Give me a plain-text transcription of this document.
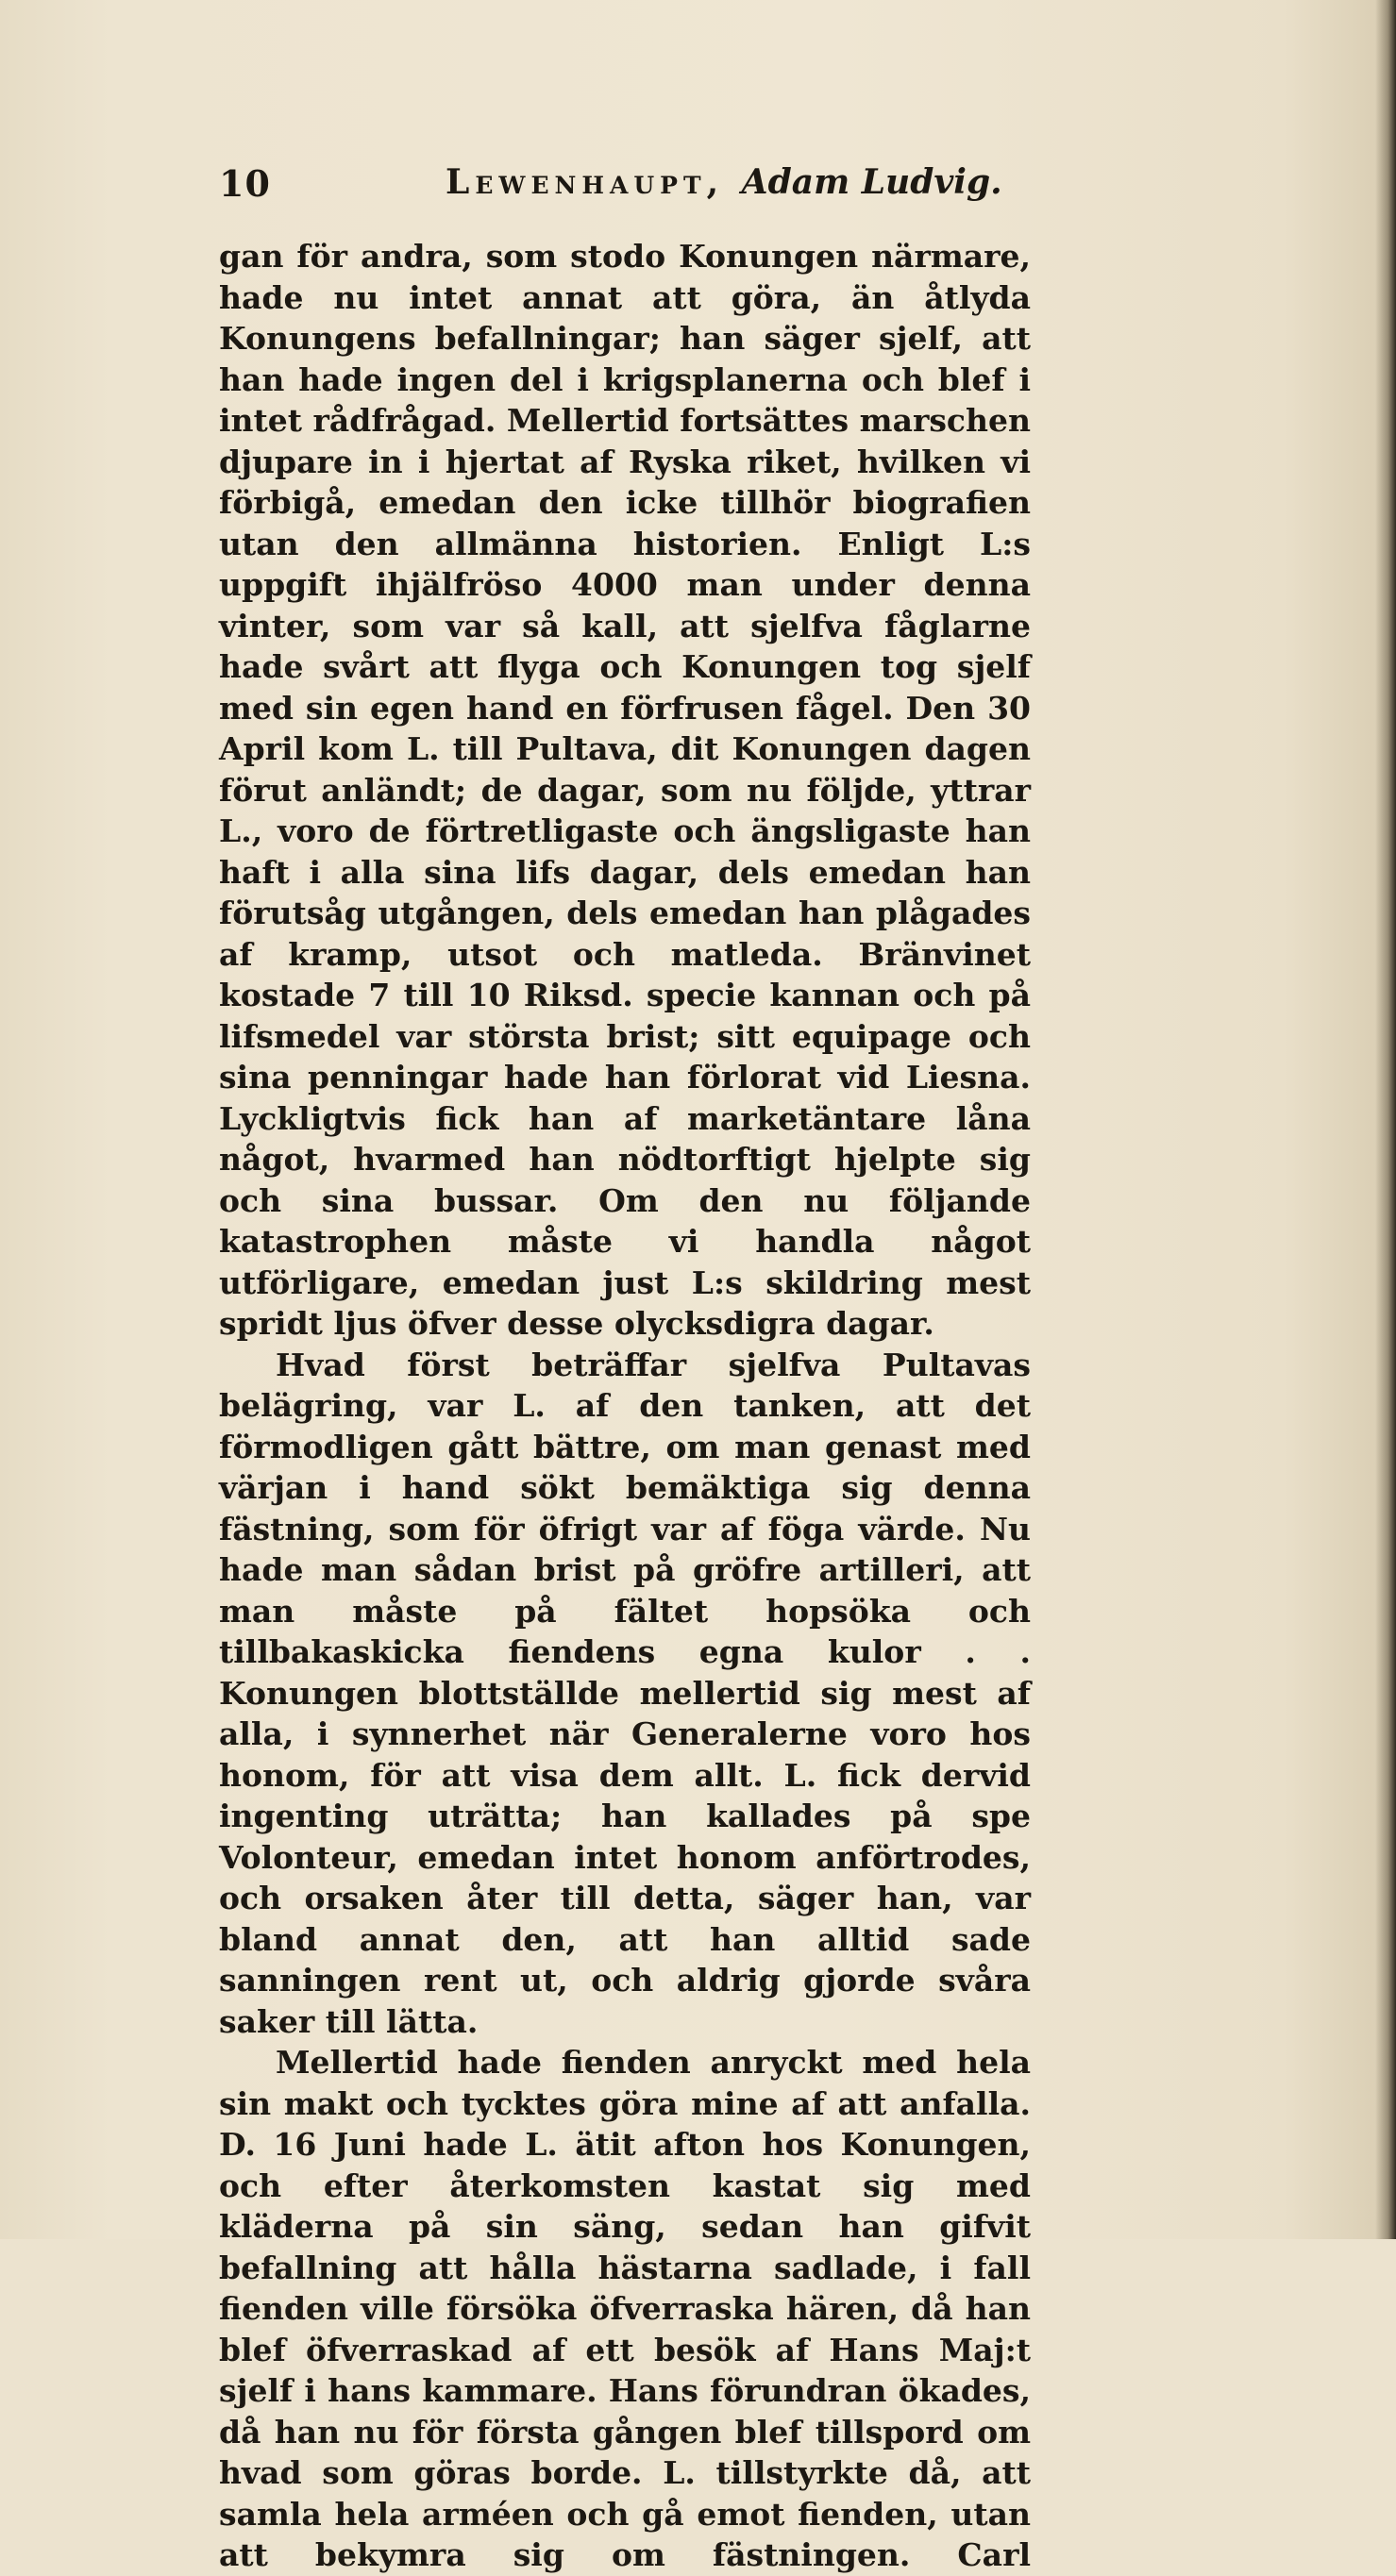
10	Lewenhaupt, Adam Ludvig.

gan för andra, som stodo Konungen närmare, hade nu intet annat att göra, än åtlyda Konungens befallningar; han säger sjelf, att han hade ingen del i krigsplanerna och blef i intet rådfrågad. Mellertid fortsättes marschen djupare in i hjertat af Ryska riket, hvilken vi förbigå, emedan den icke tillhör biografien utan den allmänna historien. Enligt L:s uppgift ihjälfröso 4000 man under denna vinter, som var så kall, att sjelfva fåglarne hade svårt att flyga och Konungen tog sjelf med sin egen hand en förfrusen fågel. Den 30 April kom L. till Pultava, dit Konungen dagen förut anländt; de dagar, som nu följde, yttrar L., voro de förtretligaste och ängsligaste han haft i alla sina lifs dagar, dels emedan han förutsåg utgången, dels emedan han plågades af kramp, utsot och matleda. Bränvinet kostade 7 till 10 Riksd. specie kannan och på lifsmedel var största brist; sitt equipage och sina penningar hade han förlorat vid Liesna. Lyckligtvis fick han af marketäntare låna något, hvarmed han nödtorftigt hjelpte sig och sina bussar. Om den nu följande katastrophen måste vi handla något utförligare, emedan just L:s skildring mest spridt ljus öfver desse olycksdigra dagar.

Hvad först beträffar sjelfva Pultavas belägring, var L. af den tanken, att det förmodligen gått bättre, om man genast med värjan i hand sökt bemäktiga sig denna fästning, som för öfrigt var af föga värde. Nu hade man sådan brist på gröfre artilleri, att man måste på fältet hopsöka och tillbakaskicka fiendens egna kulor . . Konungen blottställde mellertid sig mest af alla, i synnerhet när Generalerne voro hos honom, för att visa dem allt. L. fick dervid ingenting uträtta; han kallades på spe Volonteur, emedan intet honom anförtrodes, och orsaken åter till detta, säger han, var bland annat den, att han alltid sade sanningen rent ut, och aldrig gjorde svåra saker till lätta.

Mellertid hade fienden anryckt med hela sin makt och tycktes göra mine af att anfalla. D. 16 Juni hade L. ätit afton hos Konungen, och efter återkomsten kastat sig med kläderna på sin säng, sedan han gifvit befallning att hålla hästarna sadlade, i fall fienden ville försöka öfverraska hären, då han blef öfverraskad af ett besök af Hans Maj:t sjelf i hans kammare. Hans förundran ökades, då han nu för första gången blef tillspord om hvad som göras borde. L. tillstyrkte då, att samla hela arméen och gå emot fienden, utan att bekymra sig om fästningen. Carl
